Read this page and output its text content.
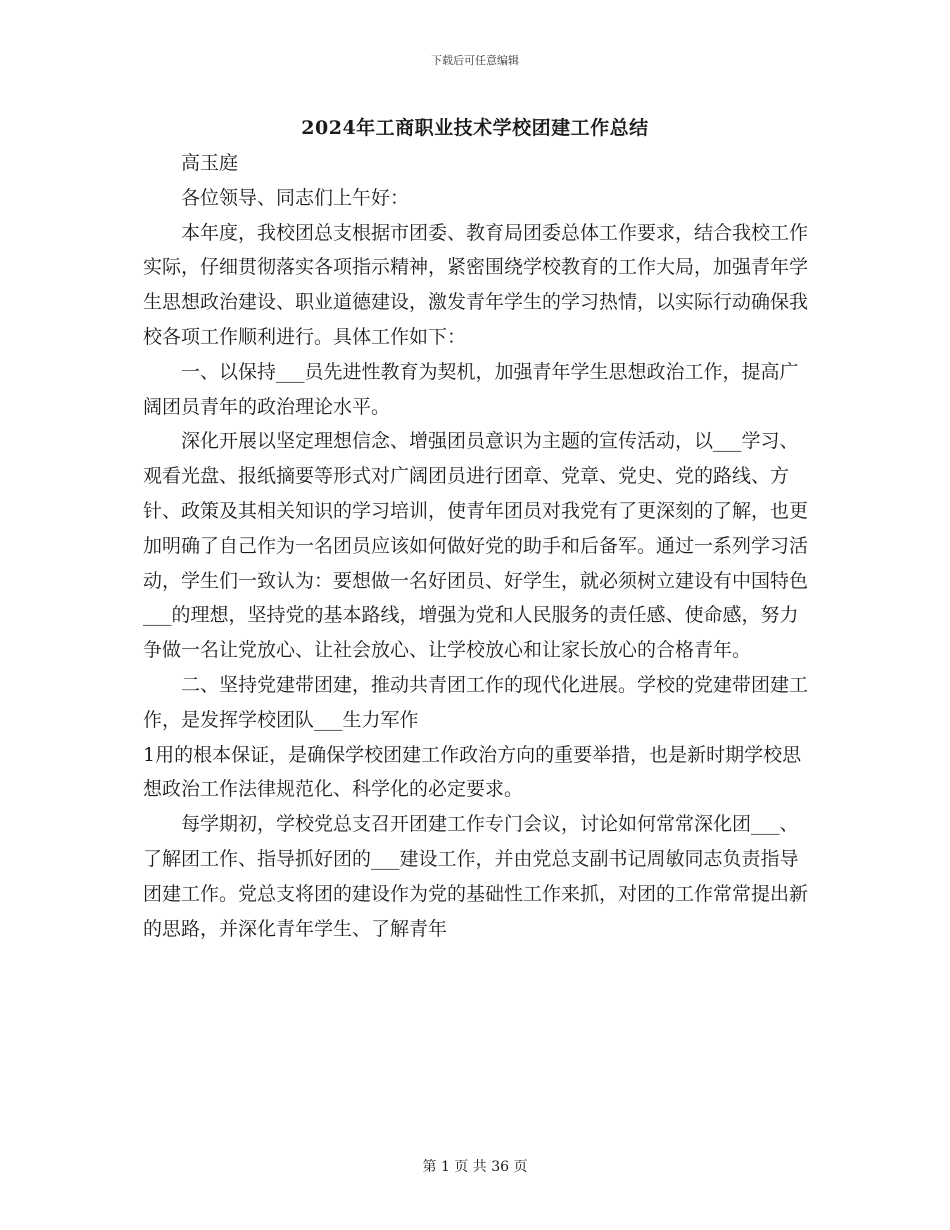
下载后可任意编辑
2024年工商职业技术学校团建工作总结

高玉庭

各位领导、同志们上午好：

本年度，我校团总支根据市团委、教育局团委总体工作要求，结合我校工作实际，仔细贯彻落实各项指示精神，紧密围绕学校教育的工作大局，加强青年学生思想政治建设、职业道德建设，激发青年学生的学习热情，以实际行动确保我校各项工作顺利进行。具体工作如下：

一、以保持___员先进性教育为契机，加强青年学生思想政治工作，提高广阔团员青年的政治理论水平。

深化开展以坚定理想信念、增强团员意识为主题的宣传活动，以___学习、观看光盘、报纸摘要等形式对广阔团员进行团章、党章、党史、党的路线、方针、政策及其相关知识的学习培训，使青年团员对我党有了更深刻的了解，也更加明确了自己作为一名团员应该如何做好党的助手和后备军。通过一系列学习活动，学生们一致认为：要想做一名好团员、好学生，就必须树立建设有中国特色___的理想，坚持党的基本路线，增强为党和人民服务的责任感、使命感，努力争做一名让党放心、让社会放心、让学校放心和让家长放心的合格青年。

二、坚持党建带团建，推动共青团工作的现代化进展。学校的党建带团建工作，是发挥学校团队___生力军作

1用的根本保证，是确保学校团建工作政治方向的重要举措，也是新时期学校思想政治工作法律规范化、科学化的必定要求。

每学期初，学校党总支召开团建工作专门会议，讨论如何常常深化团___、了解团工作、指导抓好团的___建设工作，并由党总支副书记周敏同志负责指导团建工作。党总支将团的建设作为党的基础性工作来抓，对团的工作常常提出新的思路，并深化青年学生、了解青年

第 1 页 共 36 页
